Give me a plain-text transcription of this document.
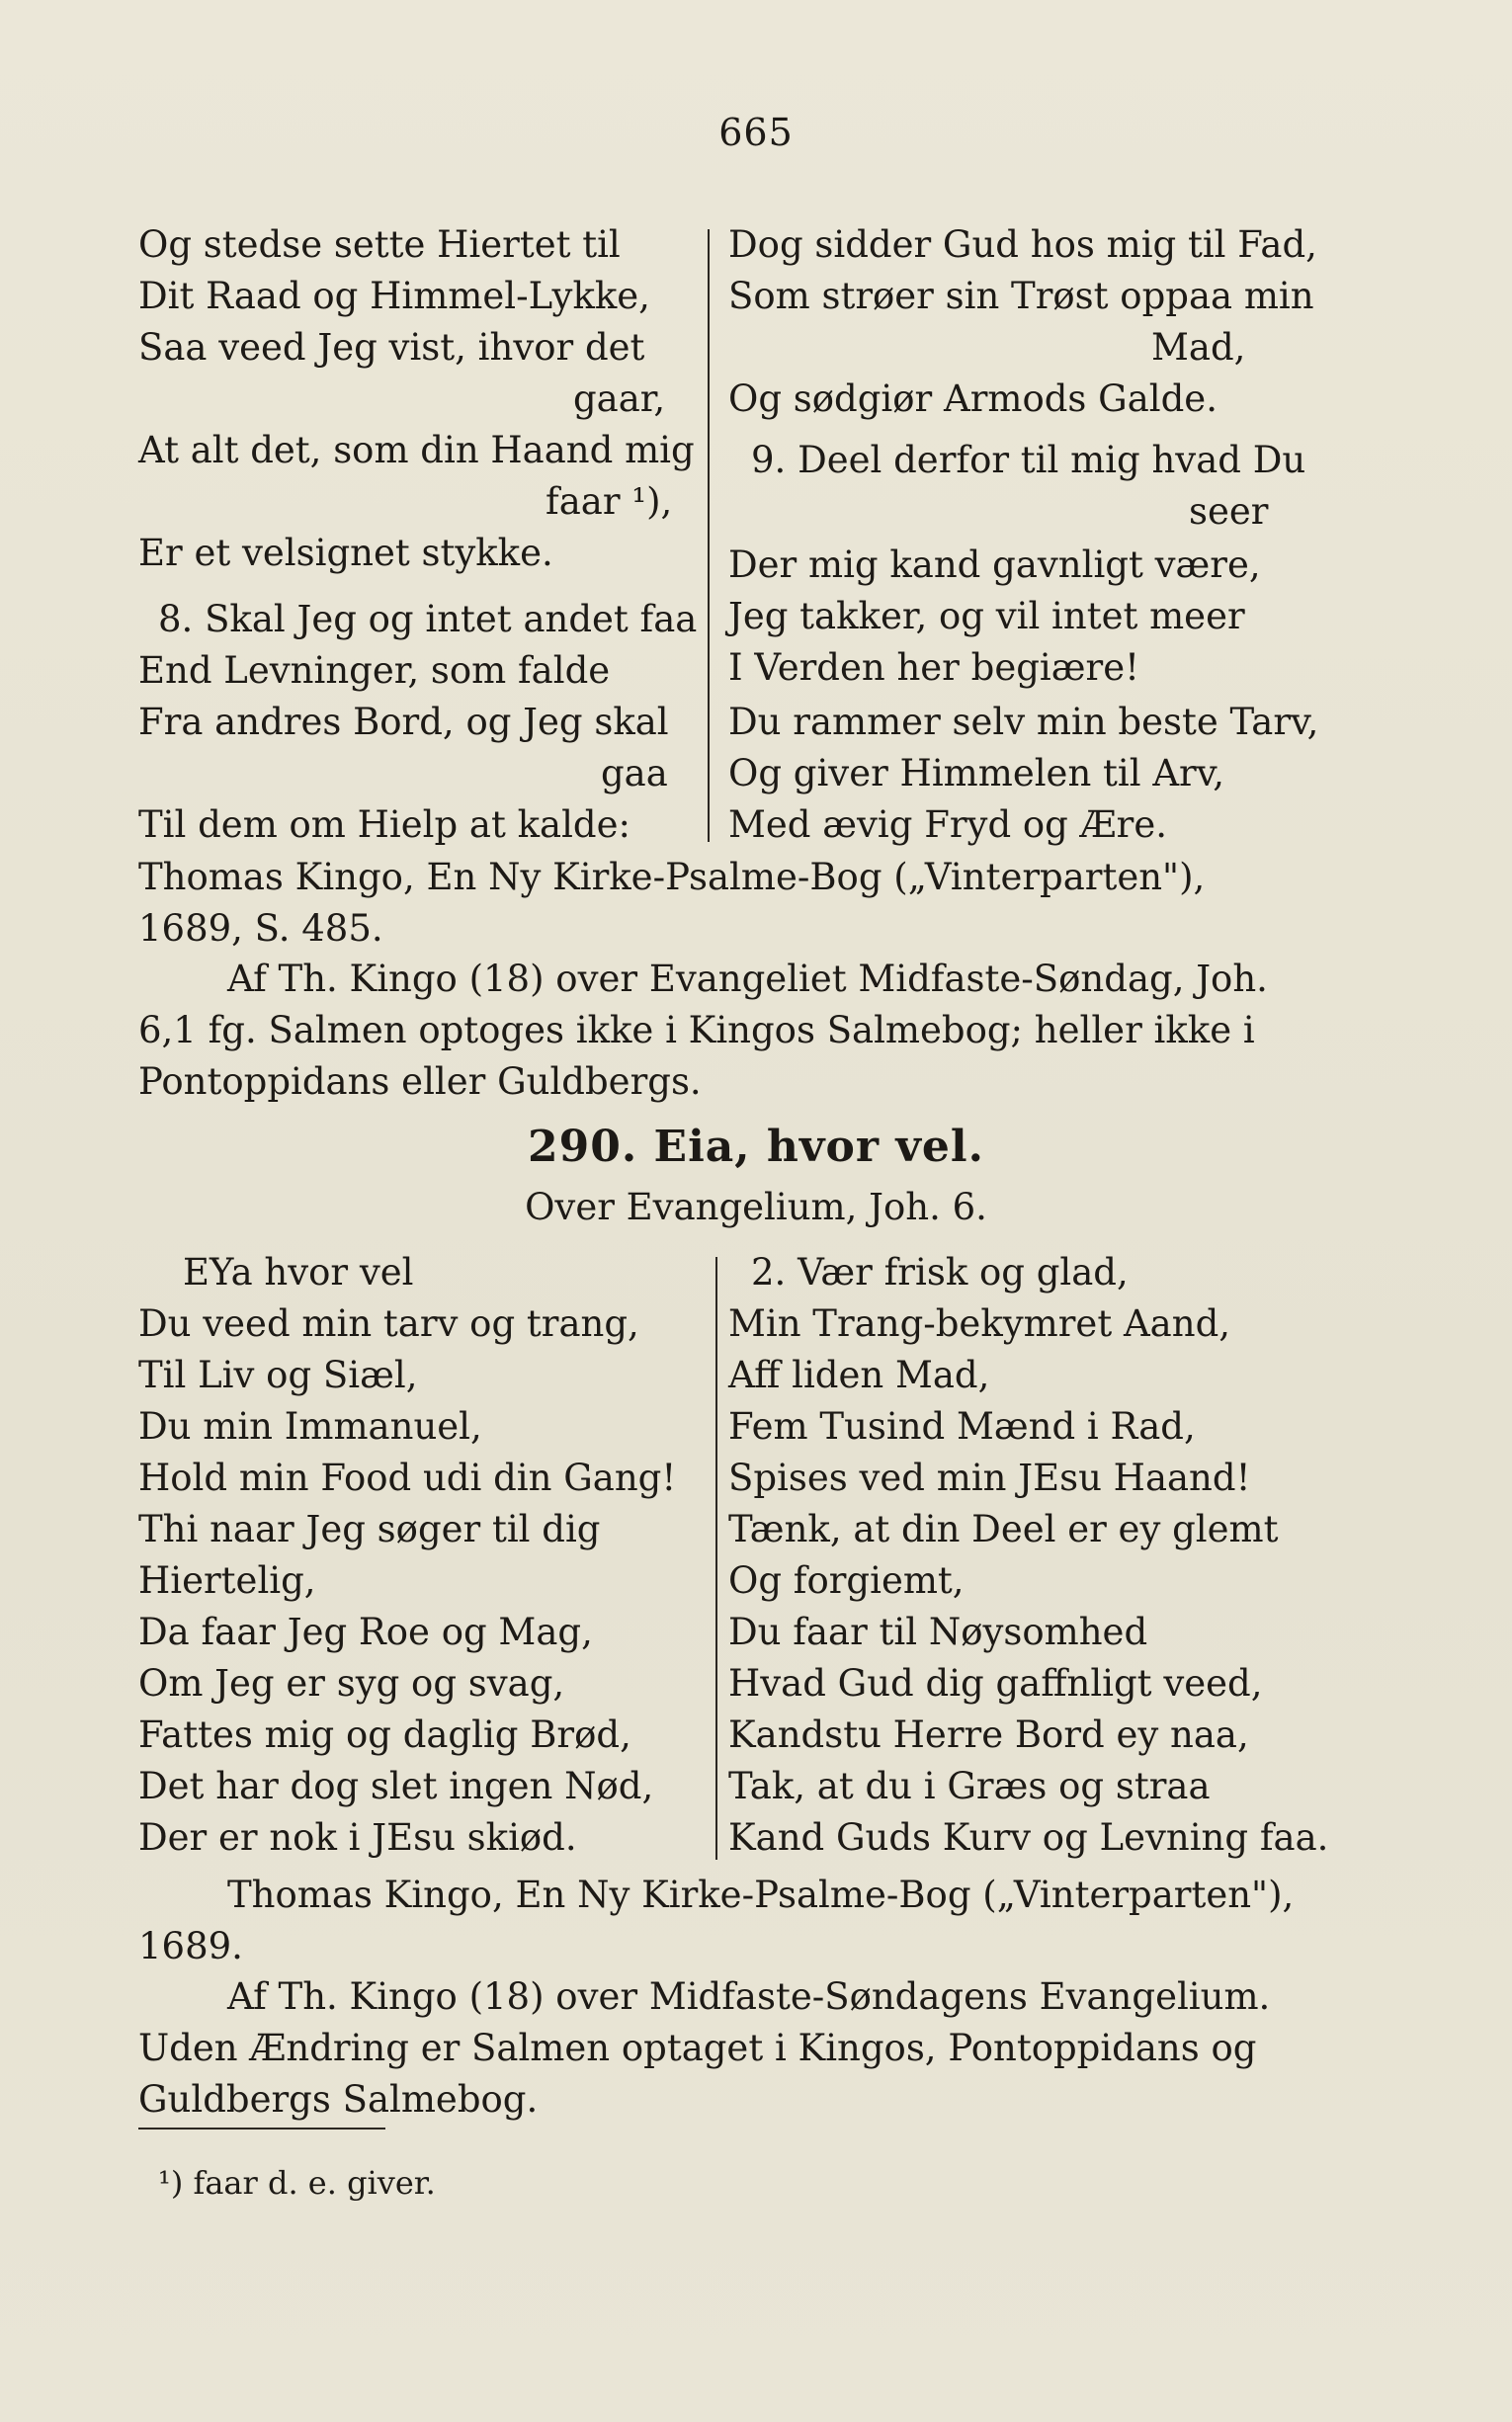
665
Og stedse sette Hiertet til
Dit Raad og Himmel-Lykke,
Saa veed Jeg vist, ihvor det
gaar,
At alt det, som din Haand mig
faar ¹),
Er et velsignet stykke.
8. Skal Jeg og intet andet faa
End Levninger, som falde
Fra andres Bord, og Jeg skal
gaa
Til dem om Hielp at kalde:
Dog sidder Gud hos mig til Fad,
Som strøer sin Trøst oppaa min
Mad,
Og sødgiør Armods Galde.
9. Deel derfor til mig hvad Du
seer
Der mig kand gavnligt være,
Jeg takker, og vil intet meer
I Verden her begiære!
Du rammer selv min beste Tarv,
Og giver Himmelen til Arv,
Med ævig Fryd og Ære.
Thomas Kingo, En Ny Kirke-Psalme-Bog („Vinterparten"), 1689, S. 485.
Af Th. Kingo (18) over Evangeliet Midfaste-Søndag, Joh. 6,1 fg. Salmen optoges ikke i Kingos Salmebog; heller ikke i Pontoppidans eller Guldbergs.
290. Eia, hvor vel.
Over Evangelium, Joh. 6.
EYa hvor vel
Du veed min tarv og trang,
Til Liv og Siæl,
Du min Immanuel,
Hold min Food udi din Gang!
Thi naar Jeg søger til dig
Hiertelig,
Da faar Jeg Roe og Mag,
Om Jeg er syg og svag,
Fattes mig og daglig Brød,
Det har dog slet ingen Nød,
Der er nok i JEsu skiød.
2. Vær frisk og glad,
Min Trang-bekymret Aand,
Aff liden Mad,
Fem Tusind Mænd i Rad,
Spises ved min JEsu Haand!
Tænk, at din Deel er ey glemt
Og forgiemt,
Du faar til Nøysomhed
Hvad Gud dig gaffnligt veed,
Kandstu Herre Bord ey naa,
Tak, at du i Græs og straa
Kand Guds Kurv og Levning faa.
Thomas Kingo, En Ny Kirke-Psalme-Bog („Vinterparten"), 1689.
Af Th. Kingo (18) over Midfaste-Søndagens Evangelium. Uden Ændring er Salmen optaget i Kingos, Pontoppidans og Guldbergs Salmebog.
¹) faar d. e. giver.
